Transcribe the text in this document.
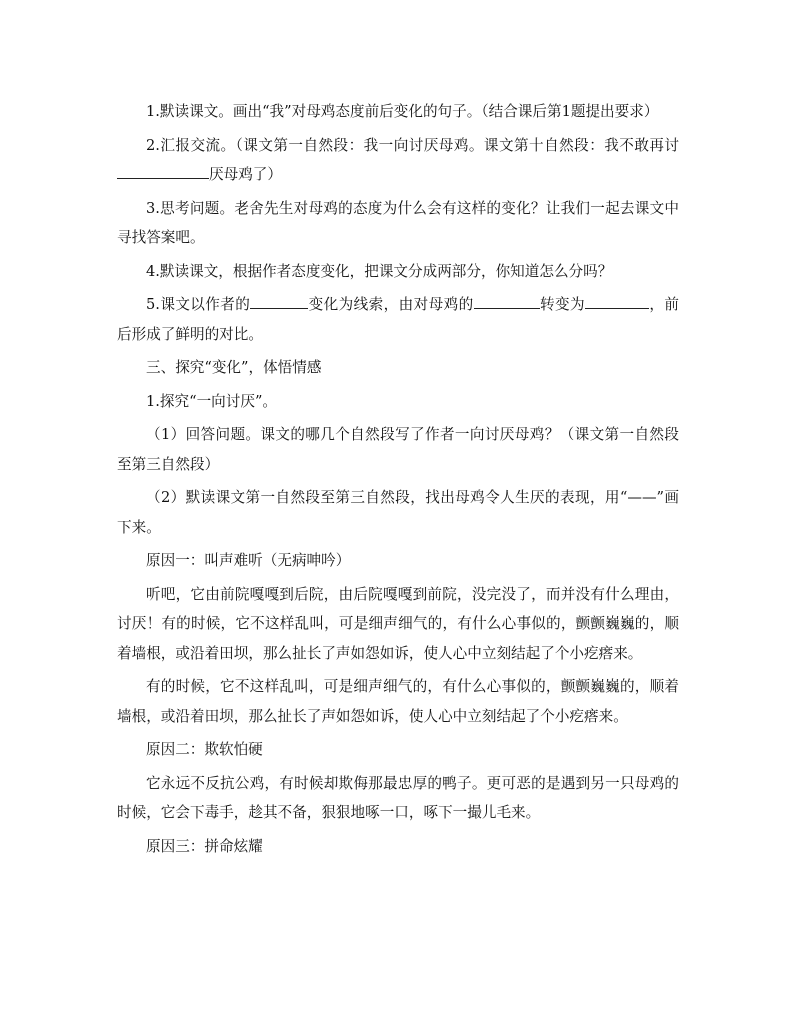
1.默读课文。画出“我”对母鸡态度前后变化的句子。（结合课后第1题提出要求）

2.汇报交流。（课文第一自然段：我一向讨厌母鸡。课文第十自然段：我不敢再讨厌母鸡了）

3.思考问题。老舍先生对母鸡的态度为什么会有这样的变化？让我们一起去课文中寻找答案吧。

4.默读课文，根据作者态度变化，把课文分成两部分，你知道怎么分吗？

5.课文以作者的	变化为线索，由对母鸡的	转变为	，前后形成了鲜明的对比。

三、探究“变化”，体悟情感

1.探究“一向讨厌”。

（1）回答问题。课文的哪几个自然段写了作者一向讨厌母鸡？（课文第一自然段至第三自然段）

（2）默读课文第一自然段至第三自然段，找出母鸡令人生厌的表现，用“——”画下来。

原因一：叫声难听（无病呻吟）

听吧，它由前院嘎嘎到后院，由后院嘎嘎到前院，没完没了，而并没有什么理由，讨厌！有的时候，它不这样乱叫，可是细声细气的，有什么心事似的，颤颤巍巍的，顺着墙根，或沿着田坝，那么扯长了声如怨如诉，使人心中立刻结起了个小疙瘩来。

有的时候，它不这样乱叫，可是细声细气的，有什么心事似的，颤颤巍巍的，顺着墙根，或沿着田坝，那么扯长了声如怨如诉，使人心中立刻结起了个小疙瘩来。

原因二：欺软怕硬

它永远不反抗公鸡，有时候却欺侮那最忠厚的鸭子。更可恶的是遇到另一只母鸡的时候，它会下毒手，趁其不备，狠狠地啄一口，啄下一撮儿毛来。

原因三：拼命炫耀
